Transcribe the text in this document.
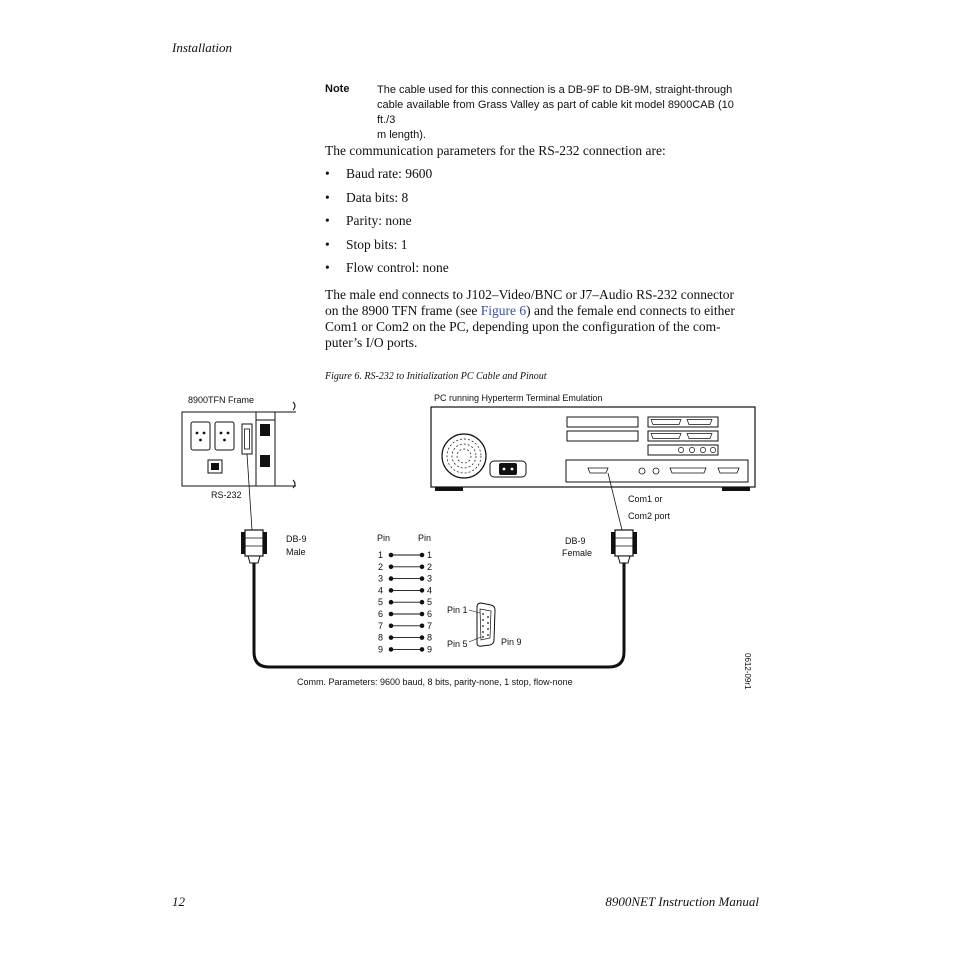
Installation
Note	The cable used for this connection is a DB-9F to DB-9M, straight-through
cable available from Grass Valley as part of cable kit model 8900CAB (10 ft./3
m length).
The communication parameters for the RS-232 connection are:
• Baud rate: 9600
• Data bits: 8
• Parity: none
• Stop bits: 1
• Flow control: none
The male end connects to J102–Video/BNC or J7–Audio RS-232 connector
on the 8900 TFN frame (see Figure 6) and the female end connects to either
Com1 or Com2 on the PC, depending upon the configuration of the com-
puter’s I/O ports.
Figure 6. RS-232 to Initialization PC Cable and Pinout
8900TFN Frame
RS-232
PC running Hyperterm Terminal Emulation
Com1 or
Com2 port
DB-9
Male
DB-9
Female
Pin	Pin
1	1
2	2
3	3
4	4
5	5
6	6
7	7
8	8
9	9
Pin 1
Pin 5	Pin 9
0612-09r1
Comm. Parameters: 9600 baud, 8 bits, parity-none, 1 stop, flow-none
12	8900NET Instruction Manual
